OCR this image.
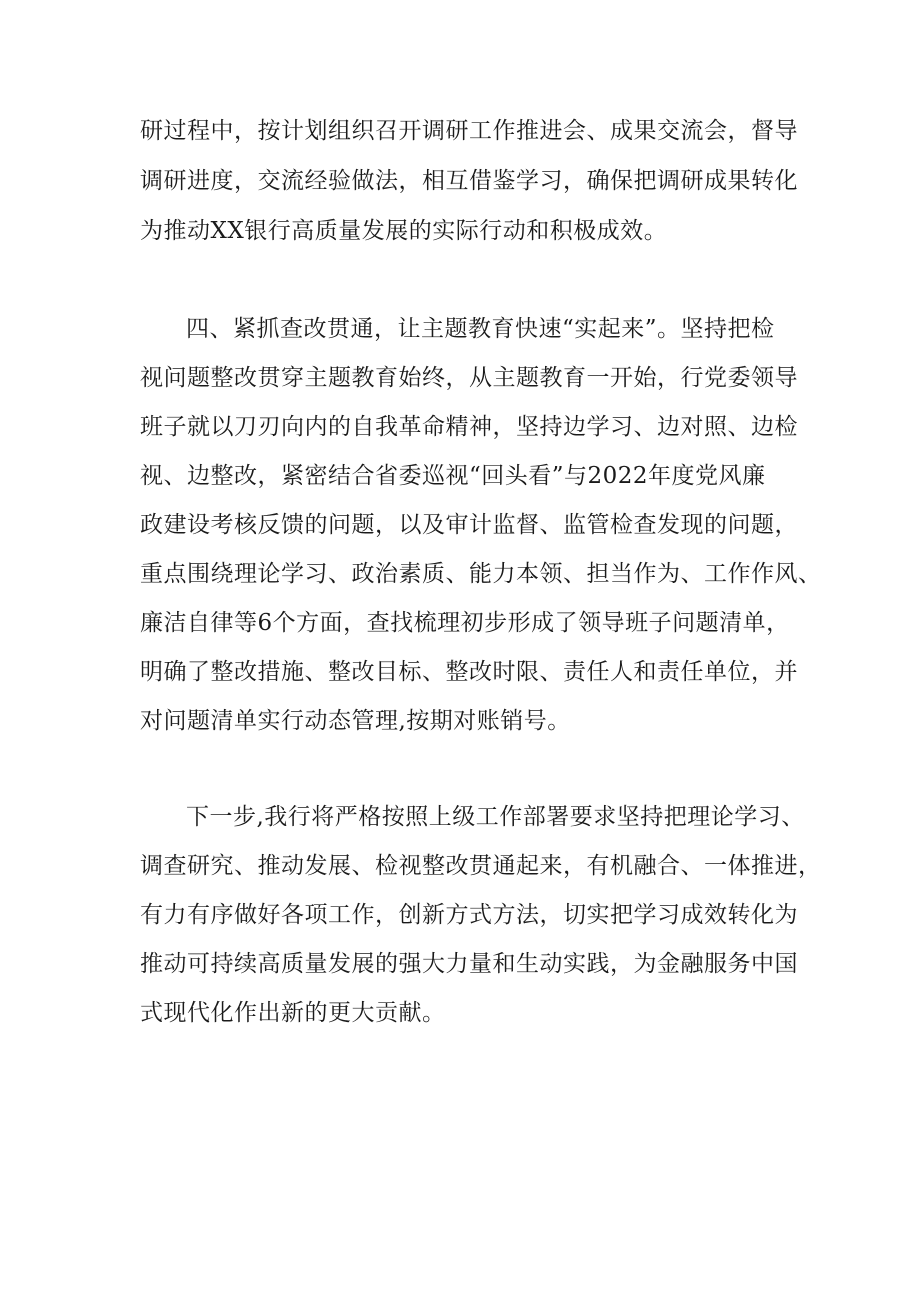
研过程中，按计划组织召开调研工作推进会、成果交流会，督导
调研进度，交流经验做法，相互借鉴学习，确保把调研成果转化
为推动XX银行高质量发展的实际行动和积极成效。
四、紧抓查改贯通，让主题教育快速“实起来”。坚持把检
视问题整改贯穿主题教育始终，从主题教育一开始，行党委领导
班子就以刀刃向内的自我革命精神，坚持边学习、边对照、边检
视、边整改，紧密结合省委巡视“回头看”与2022年度党风廉
政建设考核反馈的问题，以及审计监督、监管检查发现的问题，
重点围绕理论学习、政治素质、能力本领、担当作为、工作作风、
廉洁自律等6个方面，查找梳理初步形成了领导班子问题清单，
明确了整改措施、整改目标、整改时限、责任人和责任单位，并
对问题清单实行动态管理,按期对账销号。
下一步,我行将严格按照上级工作部署要求坚持把理论学习、
调查研究、推动发展、检视整改贯通起来，有机融合、一体推进，
有力有序做好各项工作，创新方式方法，切实把学习成效转化为
推动可持续高质量发展的强大力量和生动实践，为金融服务中国
式现代化作出新的更大贡献。
